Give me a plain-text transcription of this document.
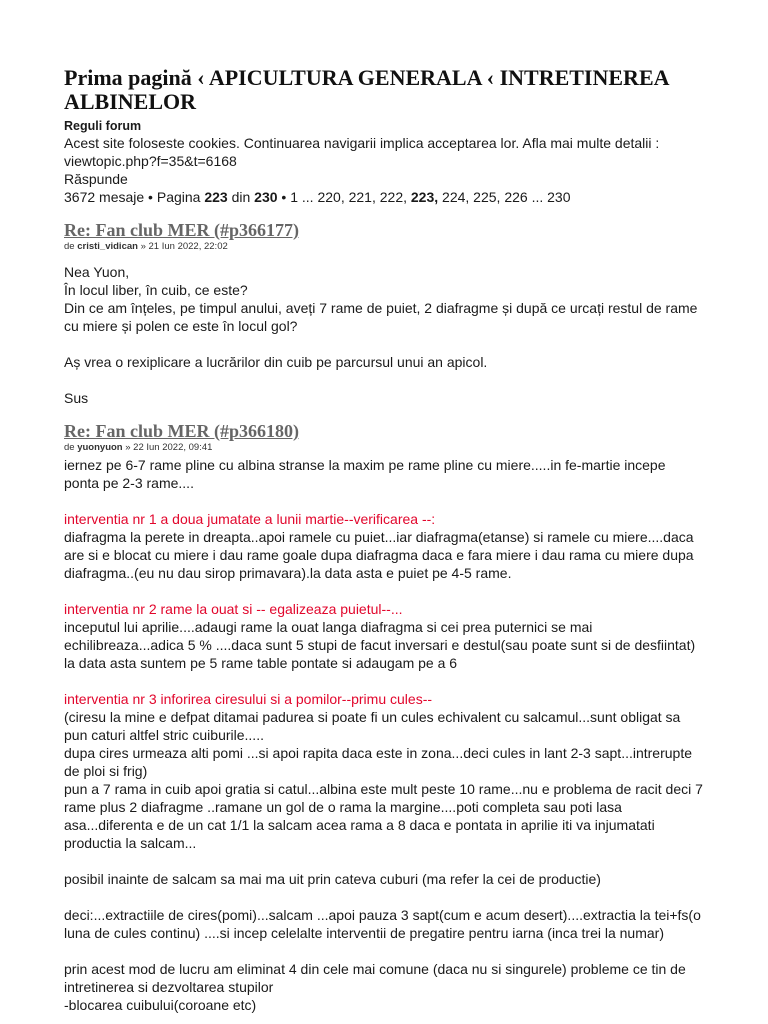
Prima pagină ‹ APICULTURA GENERALA ‹ INTRETINEREA ALBINELOR
Reguli forum
Acest site foloseste cookies. Continuarea navigarii implica acceptarea lor. Afla mai multe detalii :
viewtopic.php?f=35&t=6168
Răspunde
3672 mesaje • Pagina 223 din 230 • 1 ... 220, 221, 222, 223, 224, 225, 226 ... 230
Re: Fan club MER (#p366177)
de cristi_vidican » 21 Iun 2022, 22:02

Nea Yuon,

În locul liber, în cuib, ce este?

Din ce am înțeles, pe timpul anului, aveți 7 rame de puiet, 2 diafragme și după ce urcați restul de rame cu miere și polen ce este în locul gol?

Aș vrea o rexiplicare a lucrărilor din cuib pe parcursul unui an apicol.

Sus
Re: Fan club MER (#p366180)
de yuonyuon » 22 Iun 2022, 09:41

iernez pe 6-7 rame pline cu albina stranse la maxim pe rame pline cu miere.....in fe-martie incepe ponta pe 2-3 rame....

interventia nr 1 a doua jumatate a lunii martie--verificarea --:

diafragma la perete in dreapta..apoi ramele cu puiet...iar diafragma(etanse) si ramele cu miere....daca are si e blocat cu miere i dau rame goale dupa diafragma daca e fara miere i dau rama cu miere dupa diafragma..(eu nu dau sirop primavara).la data asta e puiet pe 4-5 rame.

interventia nr 2 rame la ouat si -- egalizeaza puietul--...

inceputul lui aprilie....adaugi rame la ouat langa diafragma si cei prea puternici se mai echilibreaza...adica 5 % ....daca sunt 5 stupi de facut inversari e destul(sau poate sunt si de desfiintat) la data asta suntem pe 5 rame table pontate si adaugam pe a 6

interventia nr 3 inforirea ciresului si a pomilor--primu cules--

(ciresu la mine e defpat ditamai padurea si poate fi un cules echivalent cu salcamul...sunt obligat sa pun caturi altfel stric cuiburile.....

dupa cires urmeaza alti pomi ...si apoi rapita daca este in zona...deci cules in lant 2-3 sapt...intrerupte de ploi si frig)

pun a 7 rama in cuib apoi gratia si catul...albina este mult peste 10 rame...nu e problema de racit deci 7 rame plus 2 diafragme ..ramane un gol de o rama la margine....poti completa sau poti lasa asa...diferenta e de un cat 1/1 la salcam acea rama a 8 daca e pontata in aprilie iti va injumatati productia la salcam...

posibil inainte de salcam sa mai ma uit prin cateva cuburi (ma refer la cei de productie)

deci:...extractiile de cires(pomi)...salcam ...apoi pauza 3 sapt(cum e acum desert)....extractia la tei+fs(o luna de cules continu) ....si incep celelalte interventii de pregatire pentru iarna (inca trei la numar)

prin acest mod de lucru am eliminat 4 din cele mai comune (daca nu si singurele) probleme ce tin de intretinerea si dezvoltarea stupilor

-blocarea cuibului(coroane etc)
